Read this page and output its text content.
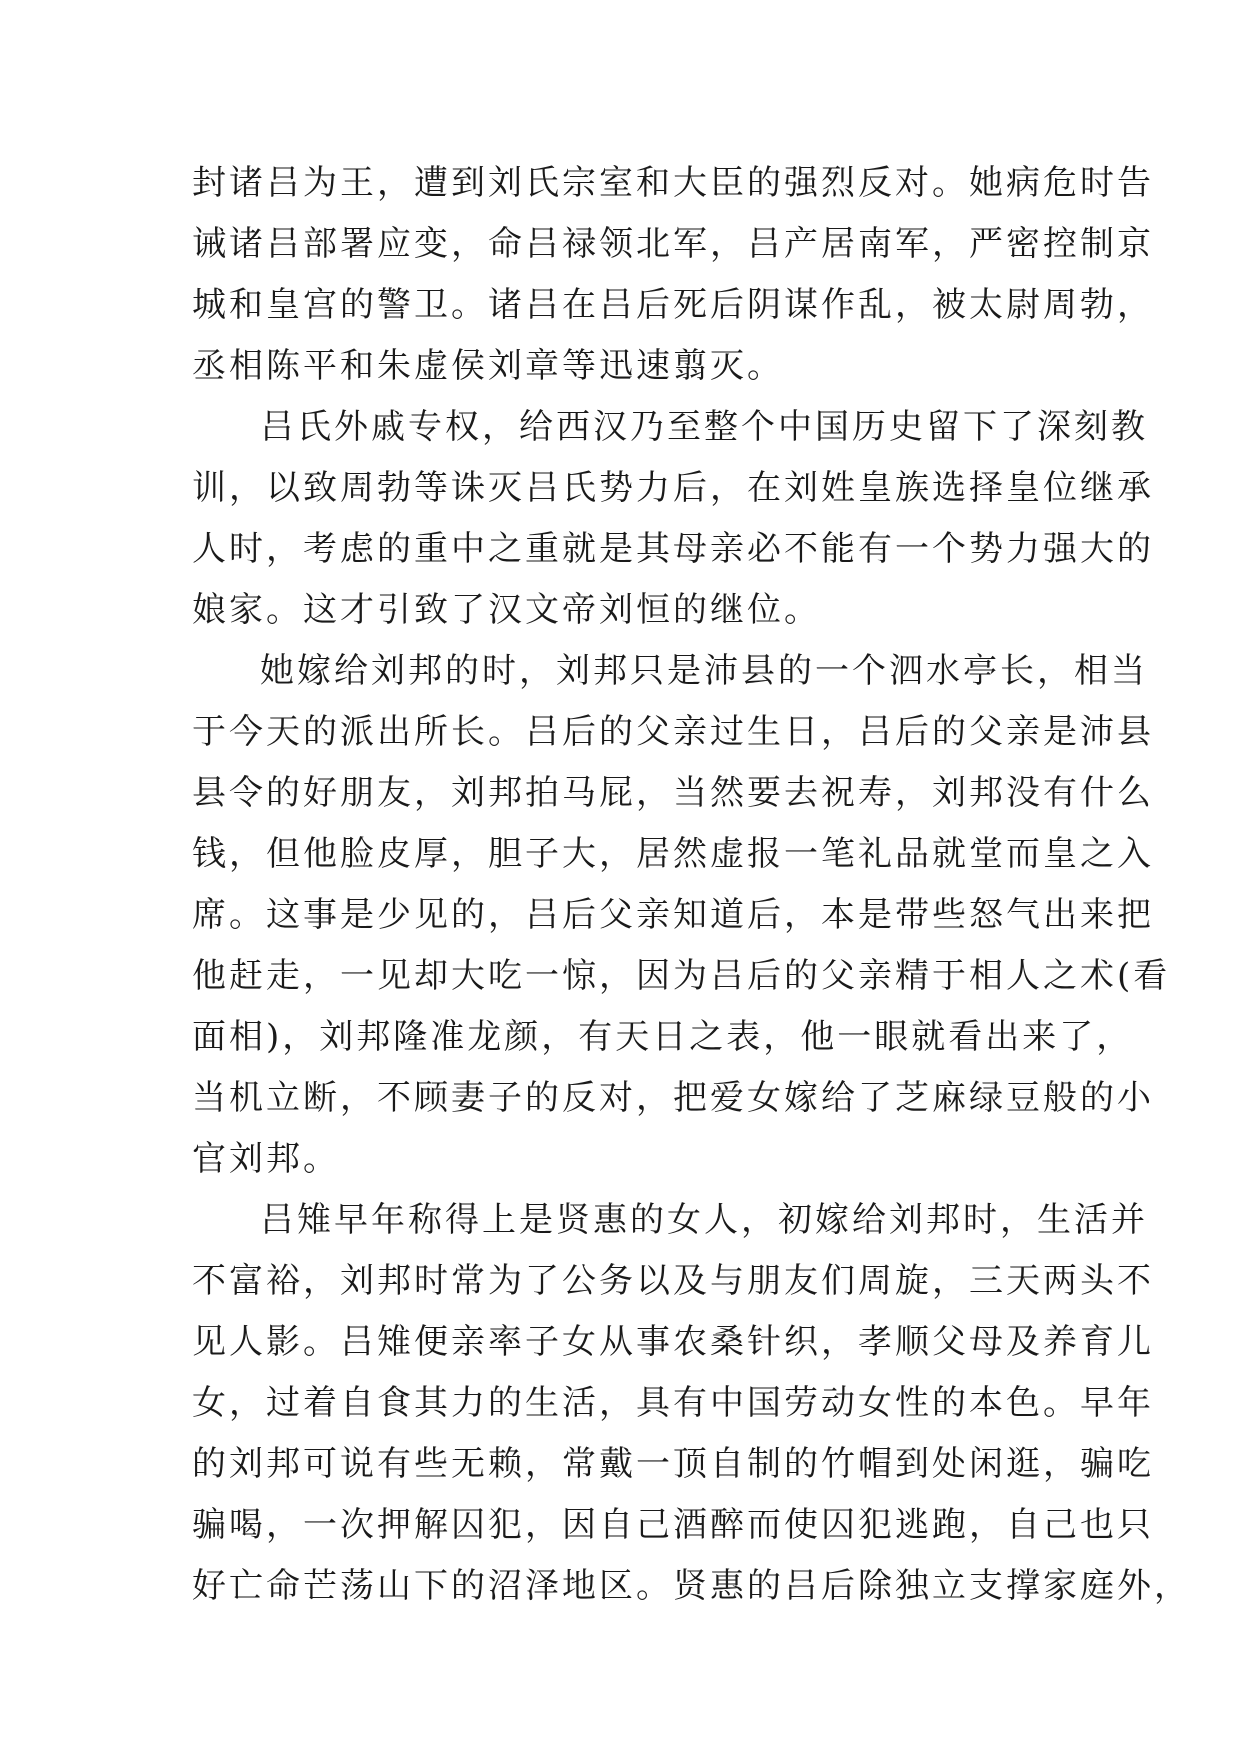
封诸吕为王，遭到刘氏宗室和大臣的强烈反对。她病危时告
诫诸吕部署应变，命吕禄领北军，吕产居南军，严密控制京
城和皇宫的警卫。诸吕在吕后死后阴谋作乱，被太尉周勃，
丞相陈平和朱虚侯刘章等迅速翦灭。
吕氏外戚专权，给西汉乃至整个中国历史留下了深刻教
训，以致周勃等诛灭吕氏势力后，在刘姓皇族选择皇位继承
人时，考虑的重中之重就是其母亲必不能有一个势力强大的
娘家。这才引致了汉文帝刘恒的继位。
她嫁给刘邦的时，刘邦只是沛县的一个泗水亭长，相当
于今天的派出所长。吕后的父亲过生日，吕后的父亲是沛县
县令的好朋友，刘邦拍马屁，当然要去祝寿，刘邦没有什么
钱，但他脸皮厚，胆子大，居然虚报一笔礼品就堂而皇之入
席。这事是少见的，吕后父亲知道后，本是带些怒气出来把
他赶走，一见却大吃一惊，因为吕后的父亲精于相人之术(看
面相)，刘邦隆准龙颜，有天日之表，他一眼就看出来了，
当机立断，不顾妻子的反对，把爱女嫁给了芝麻绿豆般的小
官刘邦。
吕雉早年称得上是贤惠的女人，初嫁给刘邦时，生活并
不富裕，刘邦时常为了公务以及与朋友们周旋，三天两头不
见人影。吕雉便亲率子女从事农桑针织，孝顺父母及养育儿
女，过着自食其力的生活，具有中国劳动女性的本色。早年
的刘邦可说有些无赖，常戴一顶自制的竹帽到处闲逛，骗吃
骗喝，一次押解囚犯，因自己酒醉而使囚犯逃跑，自己也只
好亡命芒荡山下的沼泽地区。贤惠的吕后除独立支撑家庭外，
